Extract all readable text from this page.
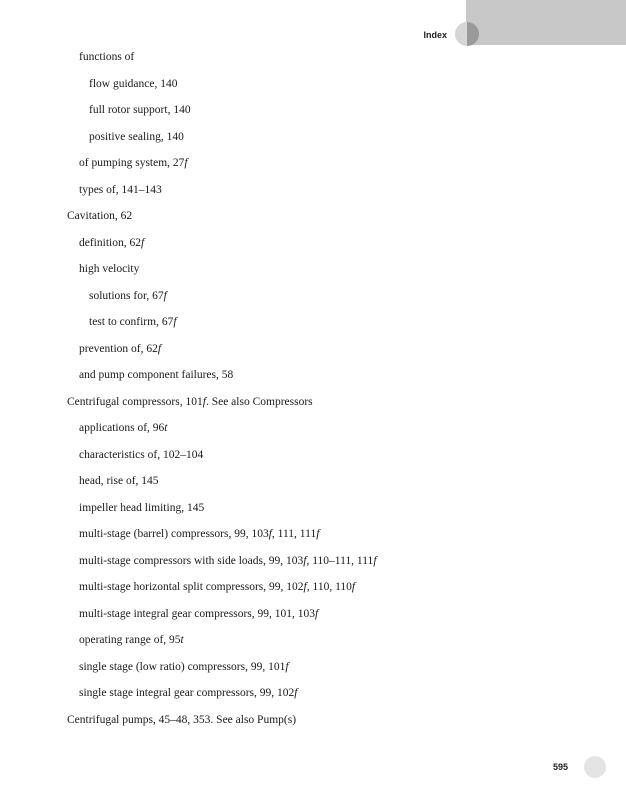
Index
functions of
flow guidance, 140
full rotor support, 140
positive sealing, 140
of pumping system, 27f
types of, 141–143
Cavitation, 62
definition, 62f
high velocity
solutions for, 67f
test to confirm, 67f
prevention of, 62f
and pump component failures, 58
Centrifugal compressors, 101f. See also Compressors
applications of, 96t
characteristics of, 102–104
head, rise of, 145
impeller head limiting, 145
multi-stage (barrel) compressors, 99, 103f, 111, 111f
multi-stage compressors with side loads, 99, 103f, 110–111, 111f
multi-stage horizontal split compressors, 99, 102f, 110, 110f
multi-stage integral gear compressors, 99, 101, 103f
operating range of, 95t
single stage (low ratio) compressors, 99, 101f
single stage integral gear compressors, 99, 102f
Centrifugal pumps, 45–48, 353. See also Pump(s)
595
